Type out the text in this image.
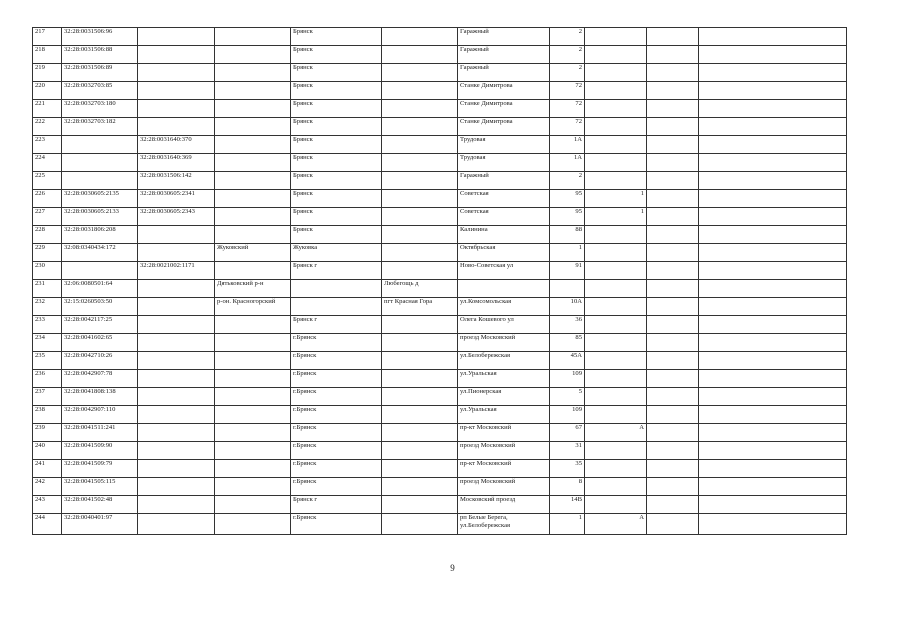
217	32:28:0031506:96			Брянск		Гаражный	2			
218	32:28:0031506:88			Брянск		Гаражный	2			
219	32:28:0031506:89			Брянск		Гаражный	2			
220	32:28:0032703:85			Брянск		Станке Димитрова	72			
221	32:28:0032703:180			Брянск		Станке Димитрова	72			
222	32:28:0032703:182			Брянск		Станке Димитрова	72			
223		32:28:0031640:370		Брянск		Трудовая	1А			
224		32:28:0031640:369		Брянск		Трудовая	1А			
225		32:28:0031506:142		Брянск		Гаражный	2			
226	32:28:0030605:2135	32:28:0030605:2341		Брянск		Советская	95	1		
227	32:28:0030605:2133	32:28:0030605:2343		Брянск		Советская	95	1		
228	32:28:0031806:208			Брянск		Калинина	88			
229	32:08:0340434:172		Жуковский	Жуковка		Октябрьская	1			
230		32:28:0021002:1171		Брянск г		Ново-Советская ул	91			
231	32:06:0080501:64		Дятьковский р-н		Любегощь д					
232	32:15:0260503:50		р-он. Красногорский		пгт Красная Гора	ул.Комсомольская	10А			
233	32:28:0042117:25			Брянск г		Олега Кошевого ул	36			
234	32:28:0041602:65			г.Брянск		проезд Московский	85			
235	32:28:0042710:26			г.Брянск		ул.Белобережская	45А			
236	32:28:0042907:78			г.Брянск		ул.Уральская	109			
237	32:28:0041808:138			г.Брянск		ул.Пионерская	5			
238	32:28:0042907:110			г.Брянск		ул.Уральская	109			
239	32:28:0041511:241			г.Брянск		пр-кт Московский	67	А		
240	32:28:0041509:90			г.Брянск		проезд Московский	31			
241	32:28:0041509:79			г.Брянск		пр-кт Московский	35			
242	32:28:0041505:115			г.Брянск		проезд Московский	8			
243	32:28:0041502:48			Брянск г		Московский проезд	14В			
244	32:28:0040401:97			г.Брянск		рп Белые Берега,
ул.Белобережская	1	А		
9
